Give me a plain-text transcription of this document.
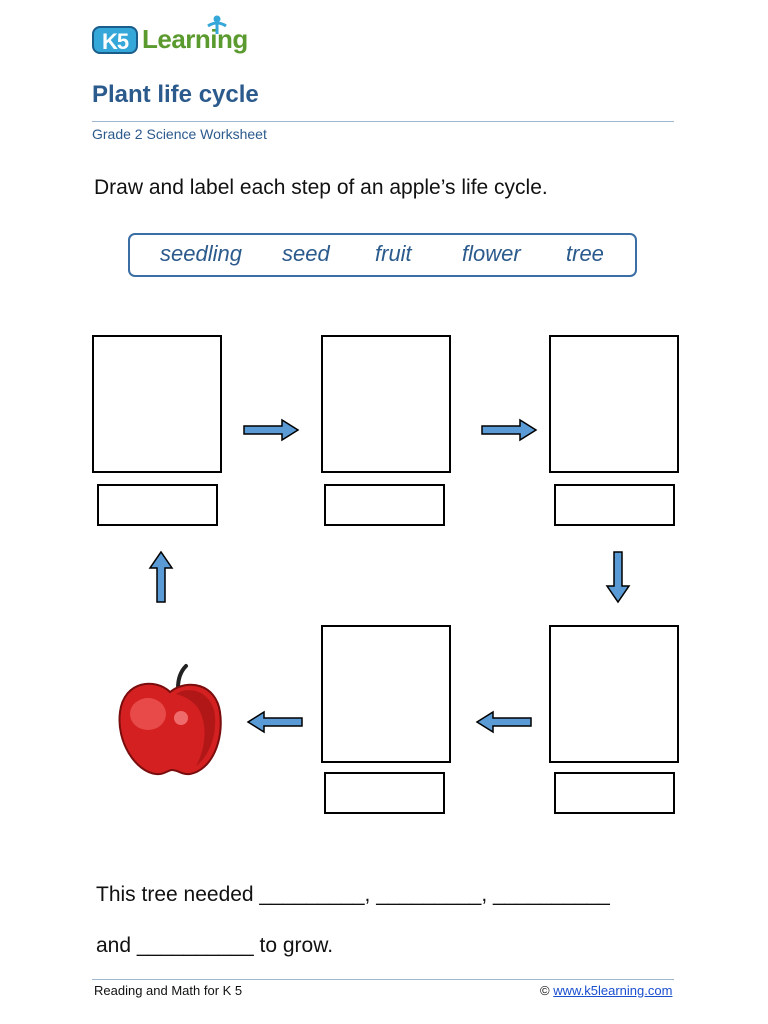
K5 Learning
Plant life cycle
Grade 2 Science Worksheet
Draw and label each step of an apple’s life cycle.
seedling seed fruit flower tree
This tree needed _________, _________, __________
and __________ to grow.
Reading and Math for K 5	© www.k5learning.com
